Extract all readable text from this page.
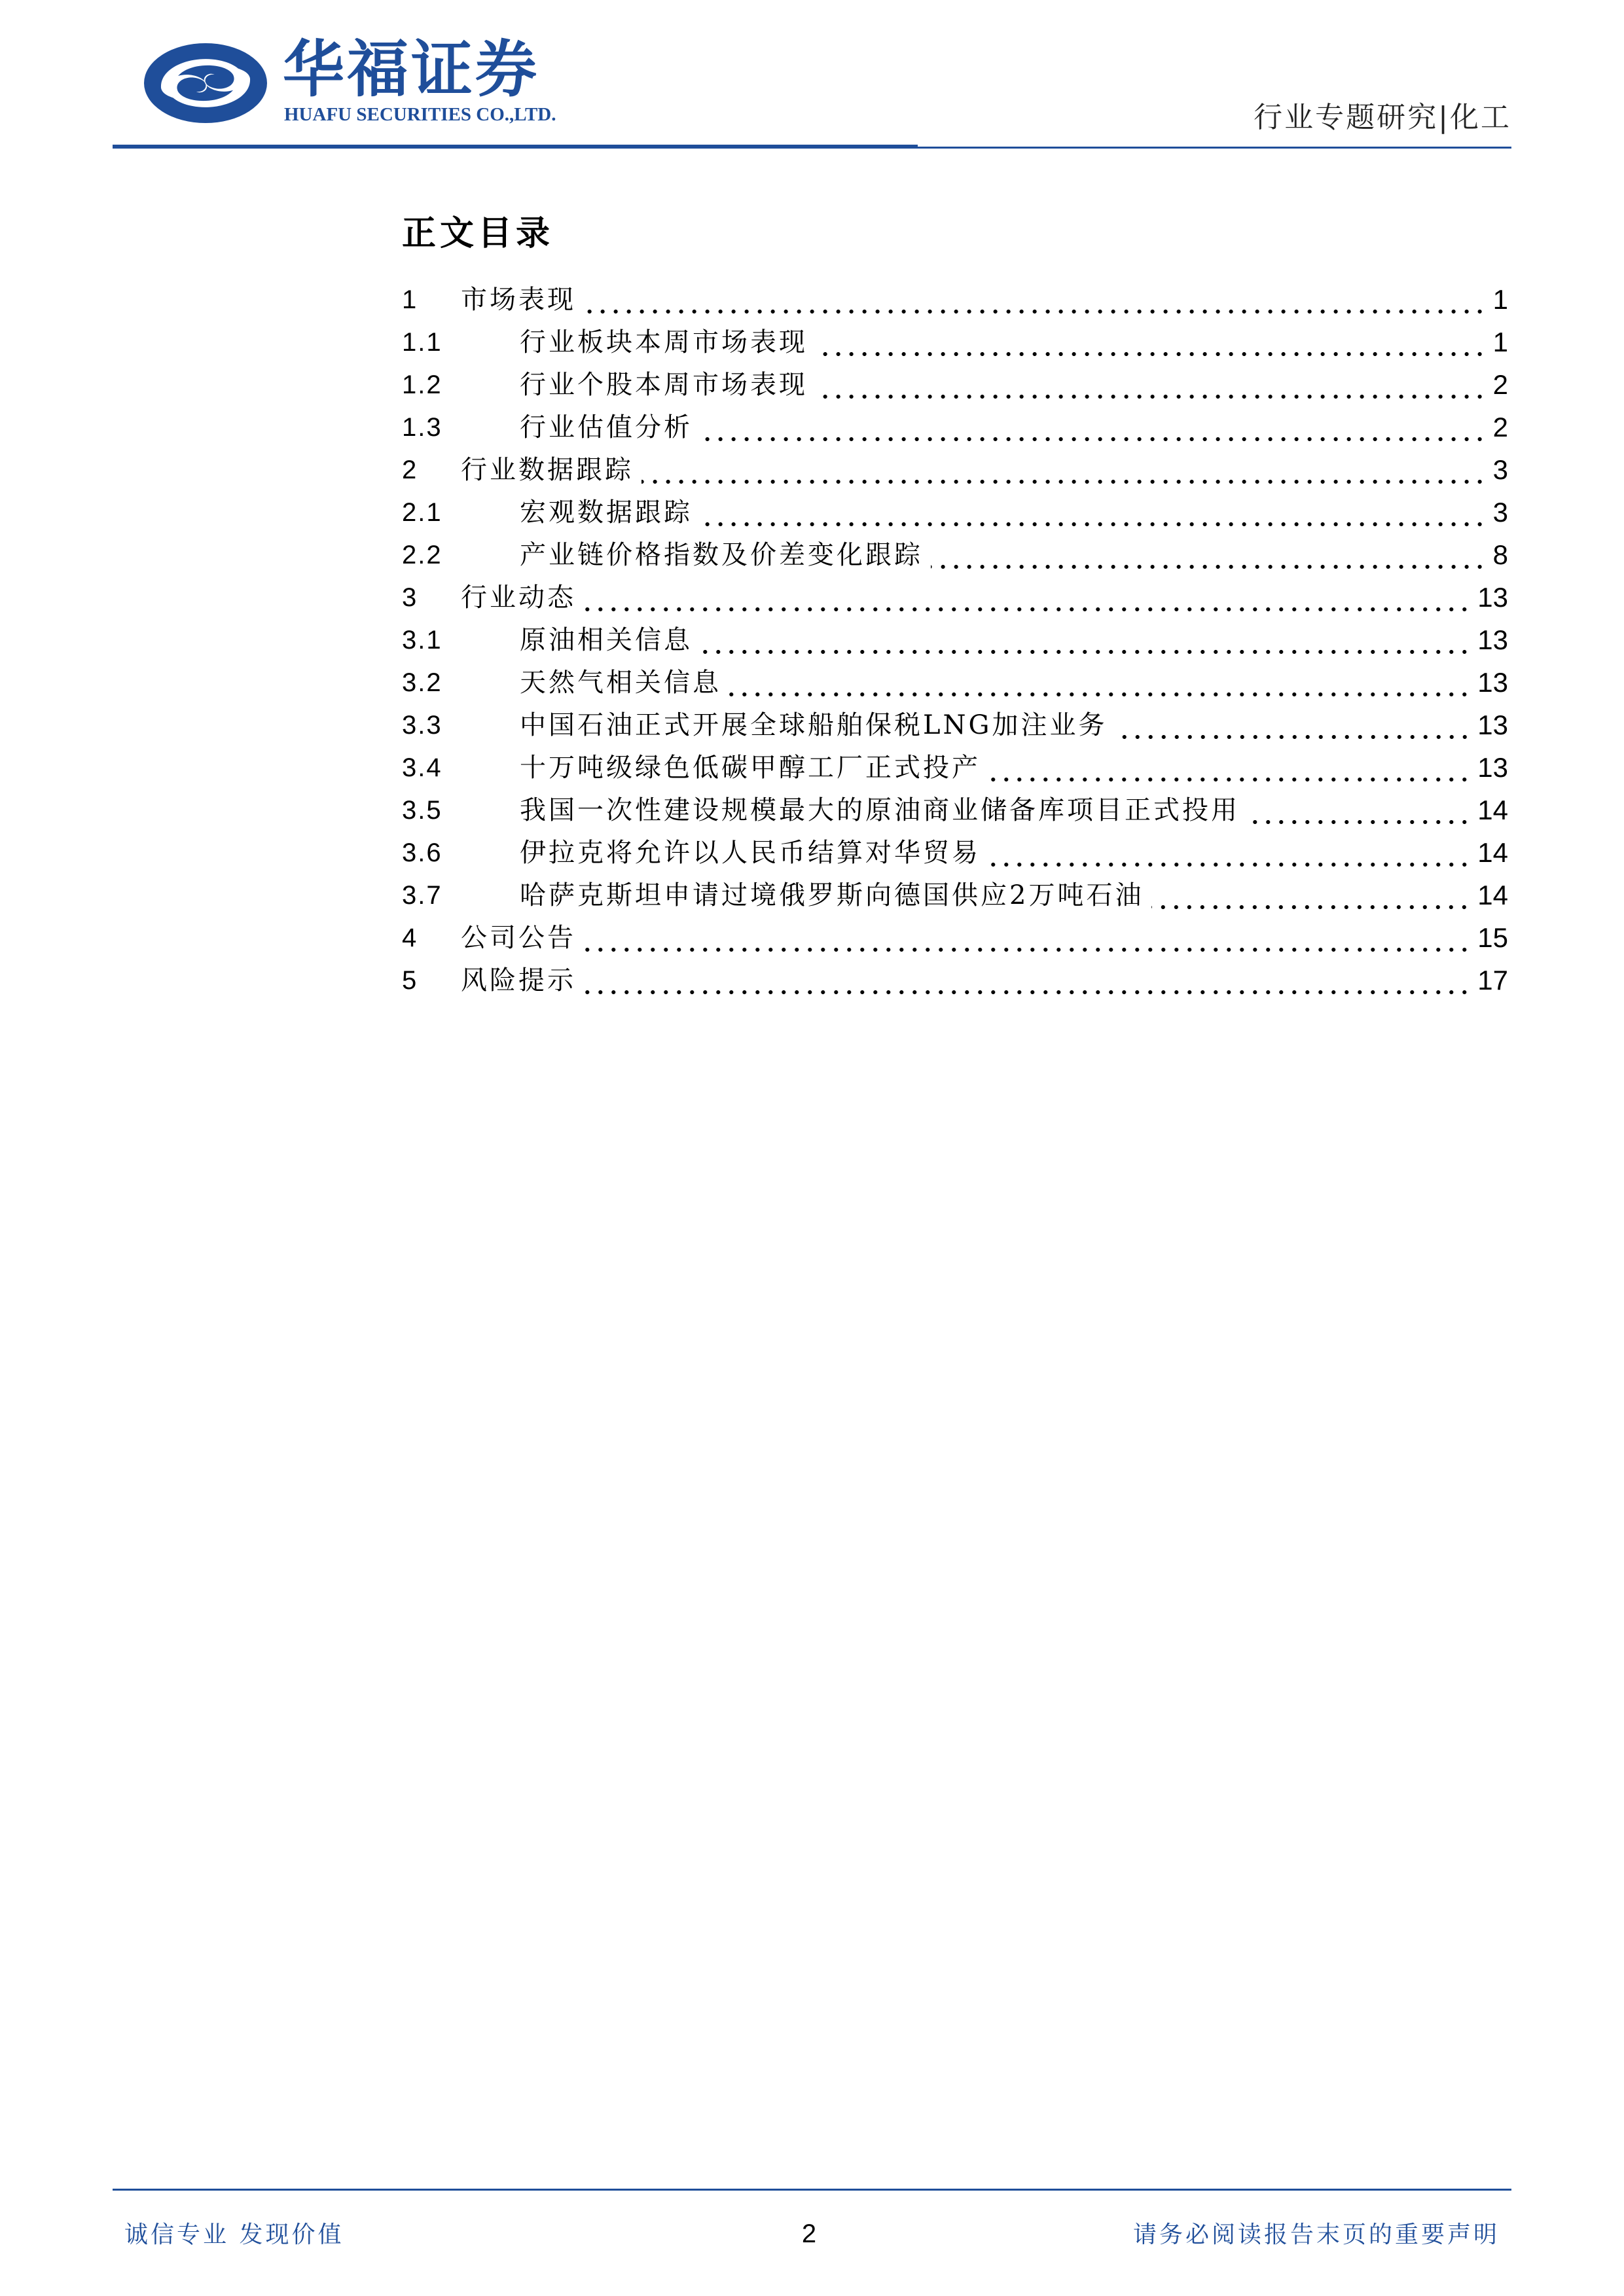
华福证券
HUAFU SECURITIES CO.,LTD.	行业专题研究|化工
正文目录
1	市场表现	1
1.1	行业板块本周市场表现	1
1.2	行业个股本周市场表现	2
1.3	行业估值分析	2
2	行业数据跟踪	3
2.1	宏观数据跟踪	3
2.2	产业链价格指数及价差变化跟踪	8
3	行业动态	13
3.1	原油相关信息	13
3.2	天然气相关信息	13
3.3	中国石油正式开展全球船舶保税LNG加注业务	13
3.4	十万吨级绿色低碳甲醇工厂正式投产	13
3.5	我国一次性建设规模最大的原油商业储备库项目正式投用	14
3.6	伊拉克将允许以人民币结算对华贸易	14
3.7	哈萨克斯坦申请过境俄罗斯向德国供应2万吨石油	14
4	公司公告	15
5	风险提示	17
诚信专业 发现价值	2	请务必阅读报告末页的重要声明
